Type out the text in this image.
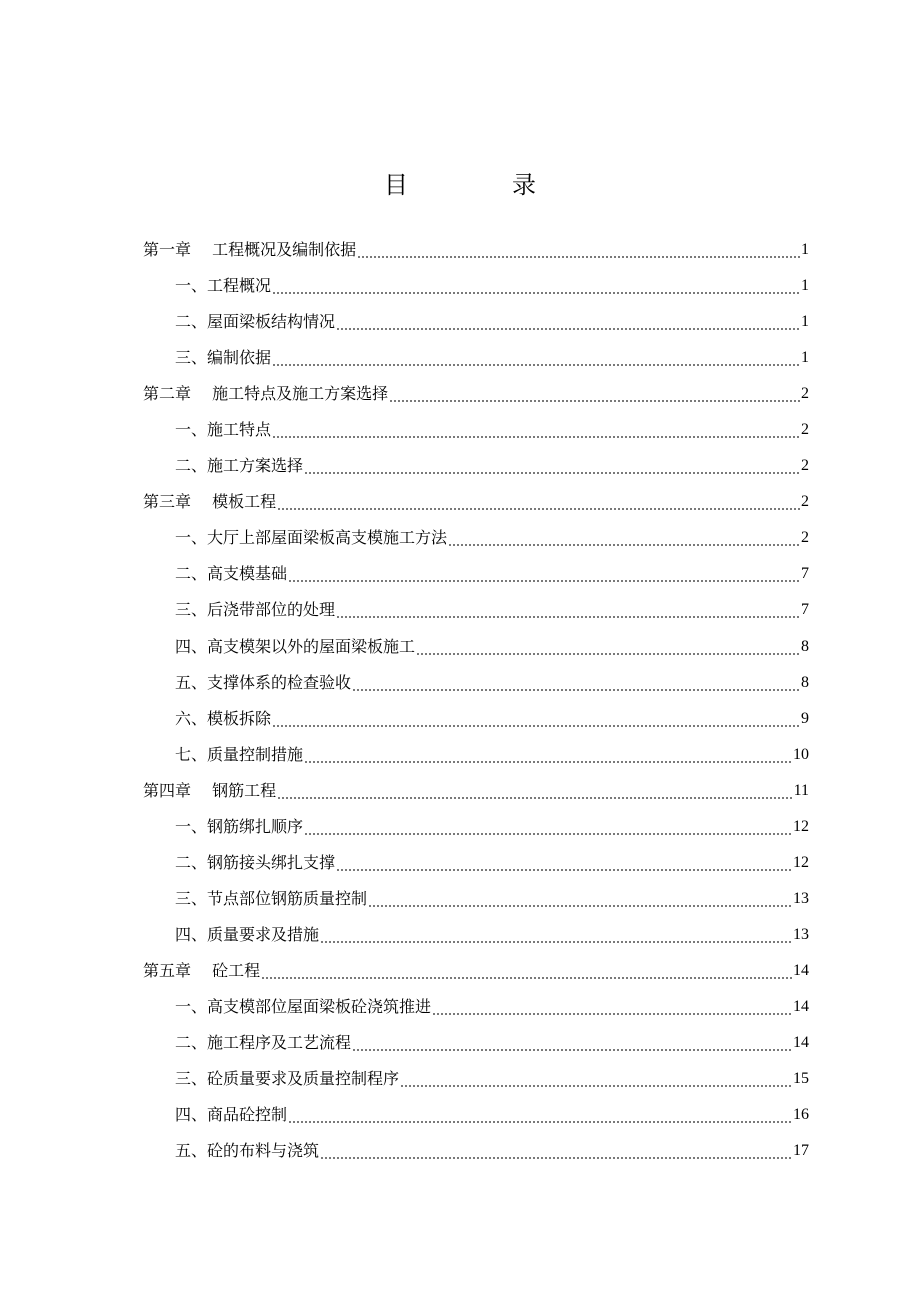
目　录
第一章　 工程概况及编制依据	1
一、工程概况	1
二、屋面梁板结构情况	1
三、编制依据	1
第二章　 施工特点及施工方案选择	2
一、施工特点	2
二、施工方案选择	2
第三章　 模板工程	2
一、大厅上部屋面梁板高支模施工方法	2
二、高支模基础	7
三、后浇带部位的处理	7
四、高支模架以外的屋面梁板施工	8
五、支撑体系的检查验收	8
六、模板拆除	9
七、质量控制措施	10
第四章　 钢筋工程	11
一、钢筋绑扎顺序	12
二、钢筋接头绑扎支撑	12
三、节点部位钢筋质量控制	13
四、质量要求及措施	13
第五章　 砼工程	14
一、高支模部位屋面梁板砼浇筑推进	14
二、施工程序及工艺流程	14
三、砼质量要求及质量控制程序	15
四、商品砼控制	16
五、砼的布料与浇筑	17
